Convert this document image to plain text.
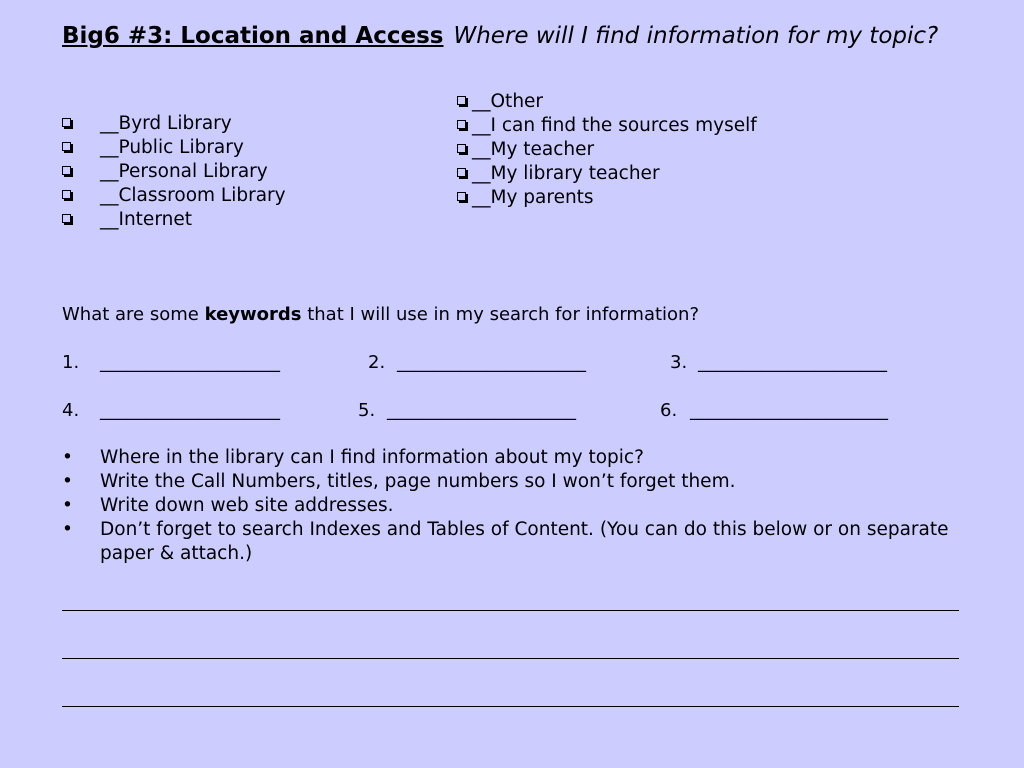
Big6 #3: Location and Access Where will I find information for my topic?
__Byrd Library
__Public Library
__Personal Library
__Classroom Library
__Internet
__Other
__I can find the sources myself
__My teacher
__My library teacher
__My parents
What are some keywords that I will use in my search for information?
1. ____________________	2. _____________________	3. _____________________
4. ____________________	5. _____________________	6. ______________________
• Where in the library can I find information about my topic?
• Write the Call Numbers, titles, page numbers so I won’t forget them.
• Write down web site addresses.
• Don’t forget to search Indexes and Tables of Content. (You can do this below or on separate paper & attach.)
